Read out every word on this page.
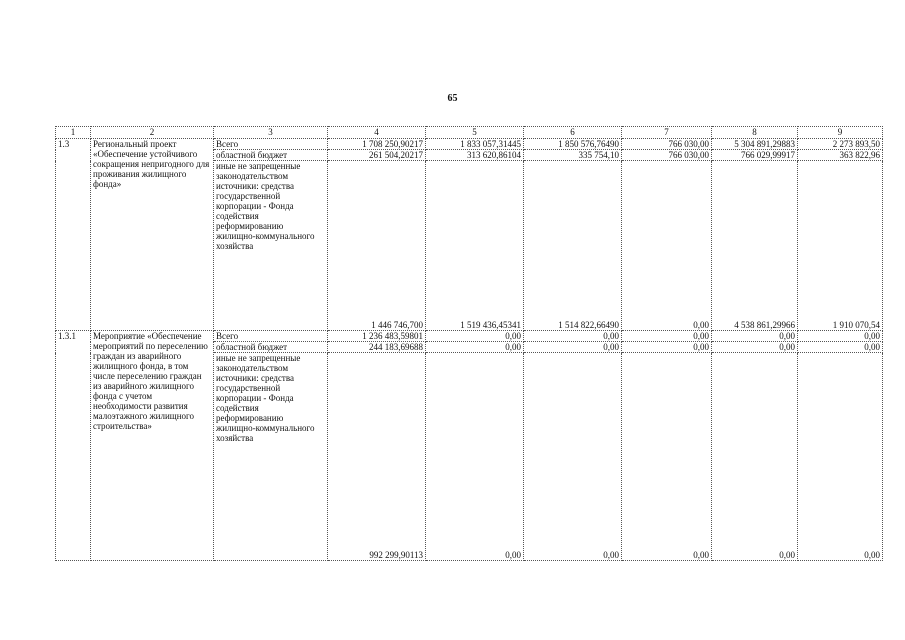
65
1	2	3	4	5	6	7	8	9
1.3	Региональный проект «Обеспечение устойчивого сокращения непригодного для проживания жилищного фонда»	Всего	1 708 250,90217	1 833 057,31445	1 850 576,76490	766 030,00	5 304 891,29883	2 273 893,50
		областной бюджет	261 504,20217	313 620,86104	335 754,10	766 030,00	766 029,99917	363 822,96
		иные не запрещенные законодательством источники: средства государственной корпорации - Фонда содействия реформированию жилищно-коммунального хозяйства	1 446 746,700	1 519 436,45341	1 514 822,66490	0,00	4 538 861,29966	1 910 070,54
1.3.1	Мероприятие «Обеспечение мероприятий по переселению граждан из аварийного жилищного фонда, в том числе переселению граждан из аварийного жилищного фонда с учетом необходимости развития малоэтажного жилищного строительства»	Всего	1 236 483,59801	0,00	0,00	0,00	0,00	0,00
		областной бюджет	244 183,69688	0,00	0,00	0,00	0,00	0,00
		иные не запрещенные законодательством источники: средства государственной корпорации - Фонда содействия реформированию жилищно-коммунального хозяйства	992 299,90113	0,00	0,00	0,00	0,00	0,00
